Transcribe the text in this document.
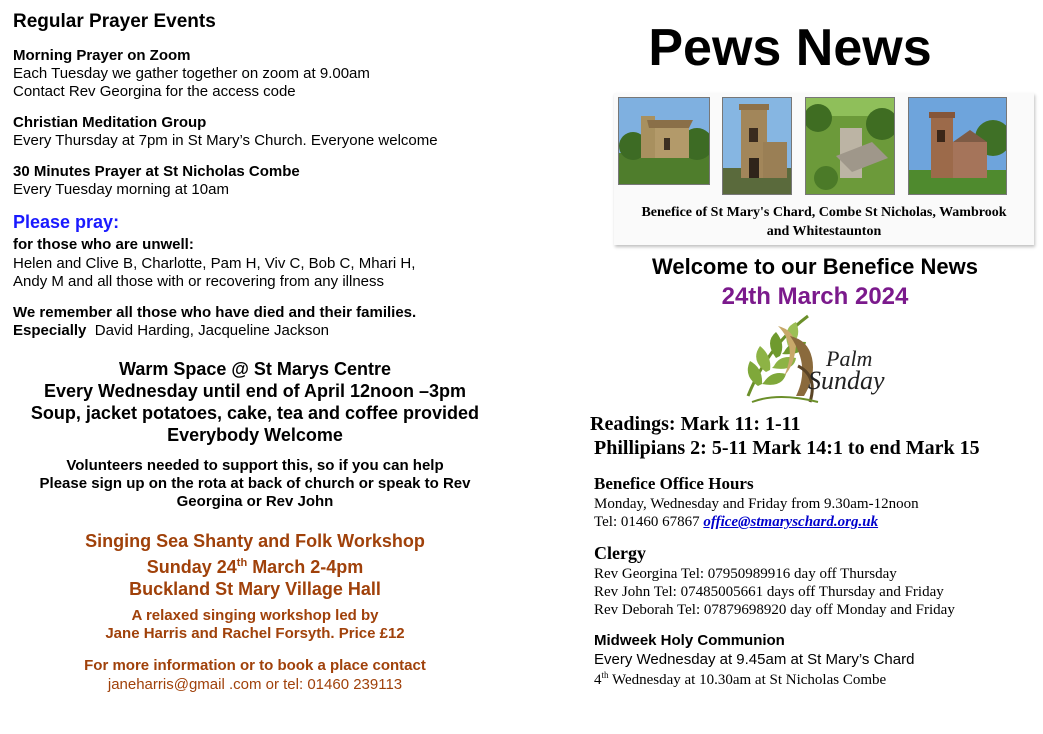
Regular Prayer Events
Morning Prayer on Zoom
Each Tuesday we gather together on zoom at 9.00am
Contact Rev Georgina for the access code
Christian Meditation Group
Every Thursday at 7pm in St Mary’s Church. Everyone welcome
30 Minutes Prayer at St Nicholas Combe
Every Tuesday morning at 10am
Please pray:
for those who are unwell:
Helen and Clive B, Charlotte, Pam H, Viv C, Bob C, Mhari H,
Andy M and all those with or recovering from any illness
We remember all those who have died and their families.
Especially David Harding, Jacqueline Jackson
Warm Space @ St Marys Centre
Every Wednesday until end of April 12noon –3pm
Soup, jacket potatoes, cake, tea and coffee provided
Everybody Welcome
Volunteers needed to support this, so if you can help
Please sign up on the rota at back of church or speak to Rev
Georgina or Rev John
Singing Sea Shanty and Folk Workshop
Sunday 24th March 2-4pm
Buckland St Mary Village Hall
A relaxed singing workshop led by
Jane Harris and Rachel Forsyth. Price £12
For more information or to book a place contact
janeharris@gmail .com or tel: 01460 239113
Pews News
Benefice of St Mary's Chard, Combe St Nicholas, Wambrook
and Whitestaunton
Welcome to our Benefice News
24th March 2024
Palm
Sunday
Readings: Mark 11: 1-11
Phillipians 2: 5-11 Mark 14:1 to end Mark 15
Benefice Office Hours
Monday, Wednesday and Friday from 9.30am-12noon
Tel: 01460 67867 office@stmaryschard.org.uk
Clergy
Rev Georgina Tel: 07950989916 day off Thursday
Rev John Tel: 07485005661 days off Thursday and Friday
Rev Deborah Tel: 07879698920 day off Monday and Friday
Midweek Holy Communion
Every Wednesday at 9.45am at St Mary’s Chard
4th Wednesday at 10.30am at St Nicholas Combe
